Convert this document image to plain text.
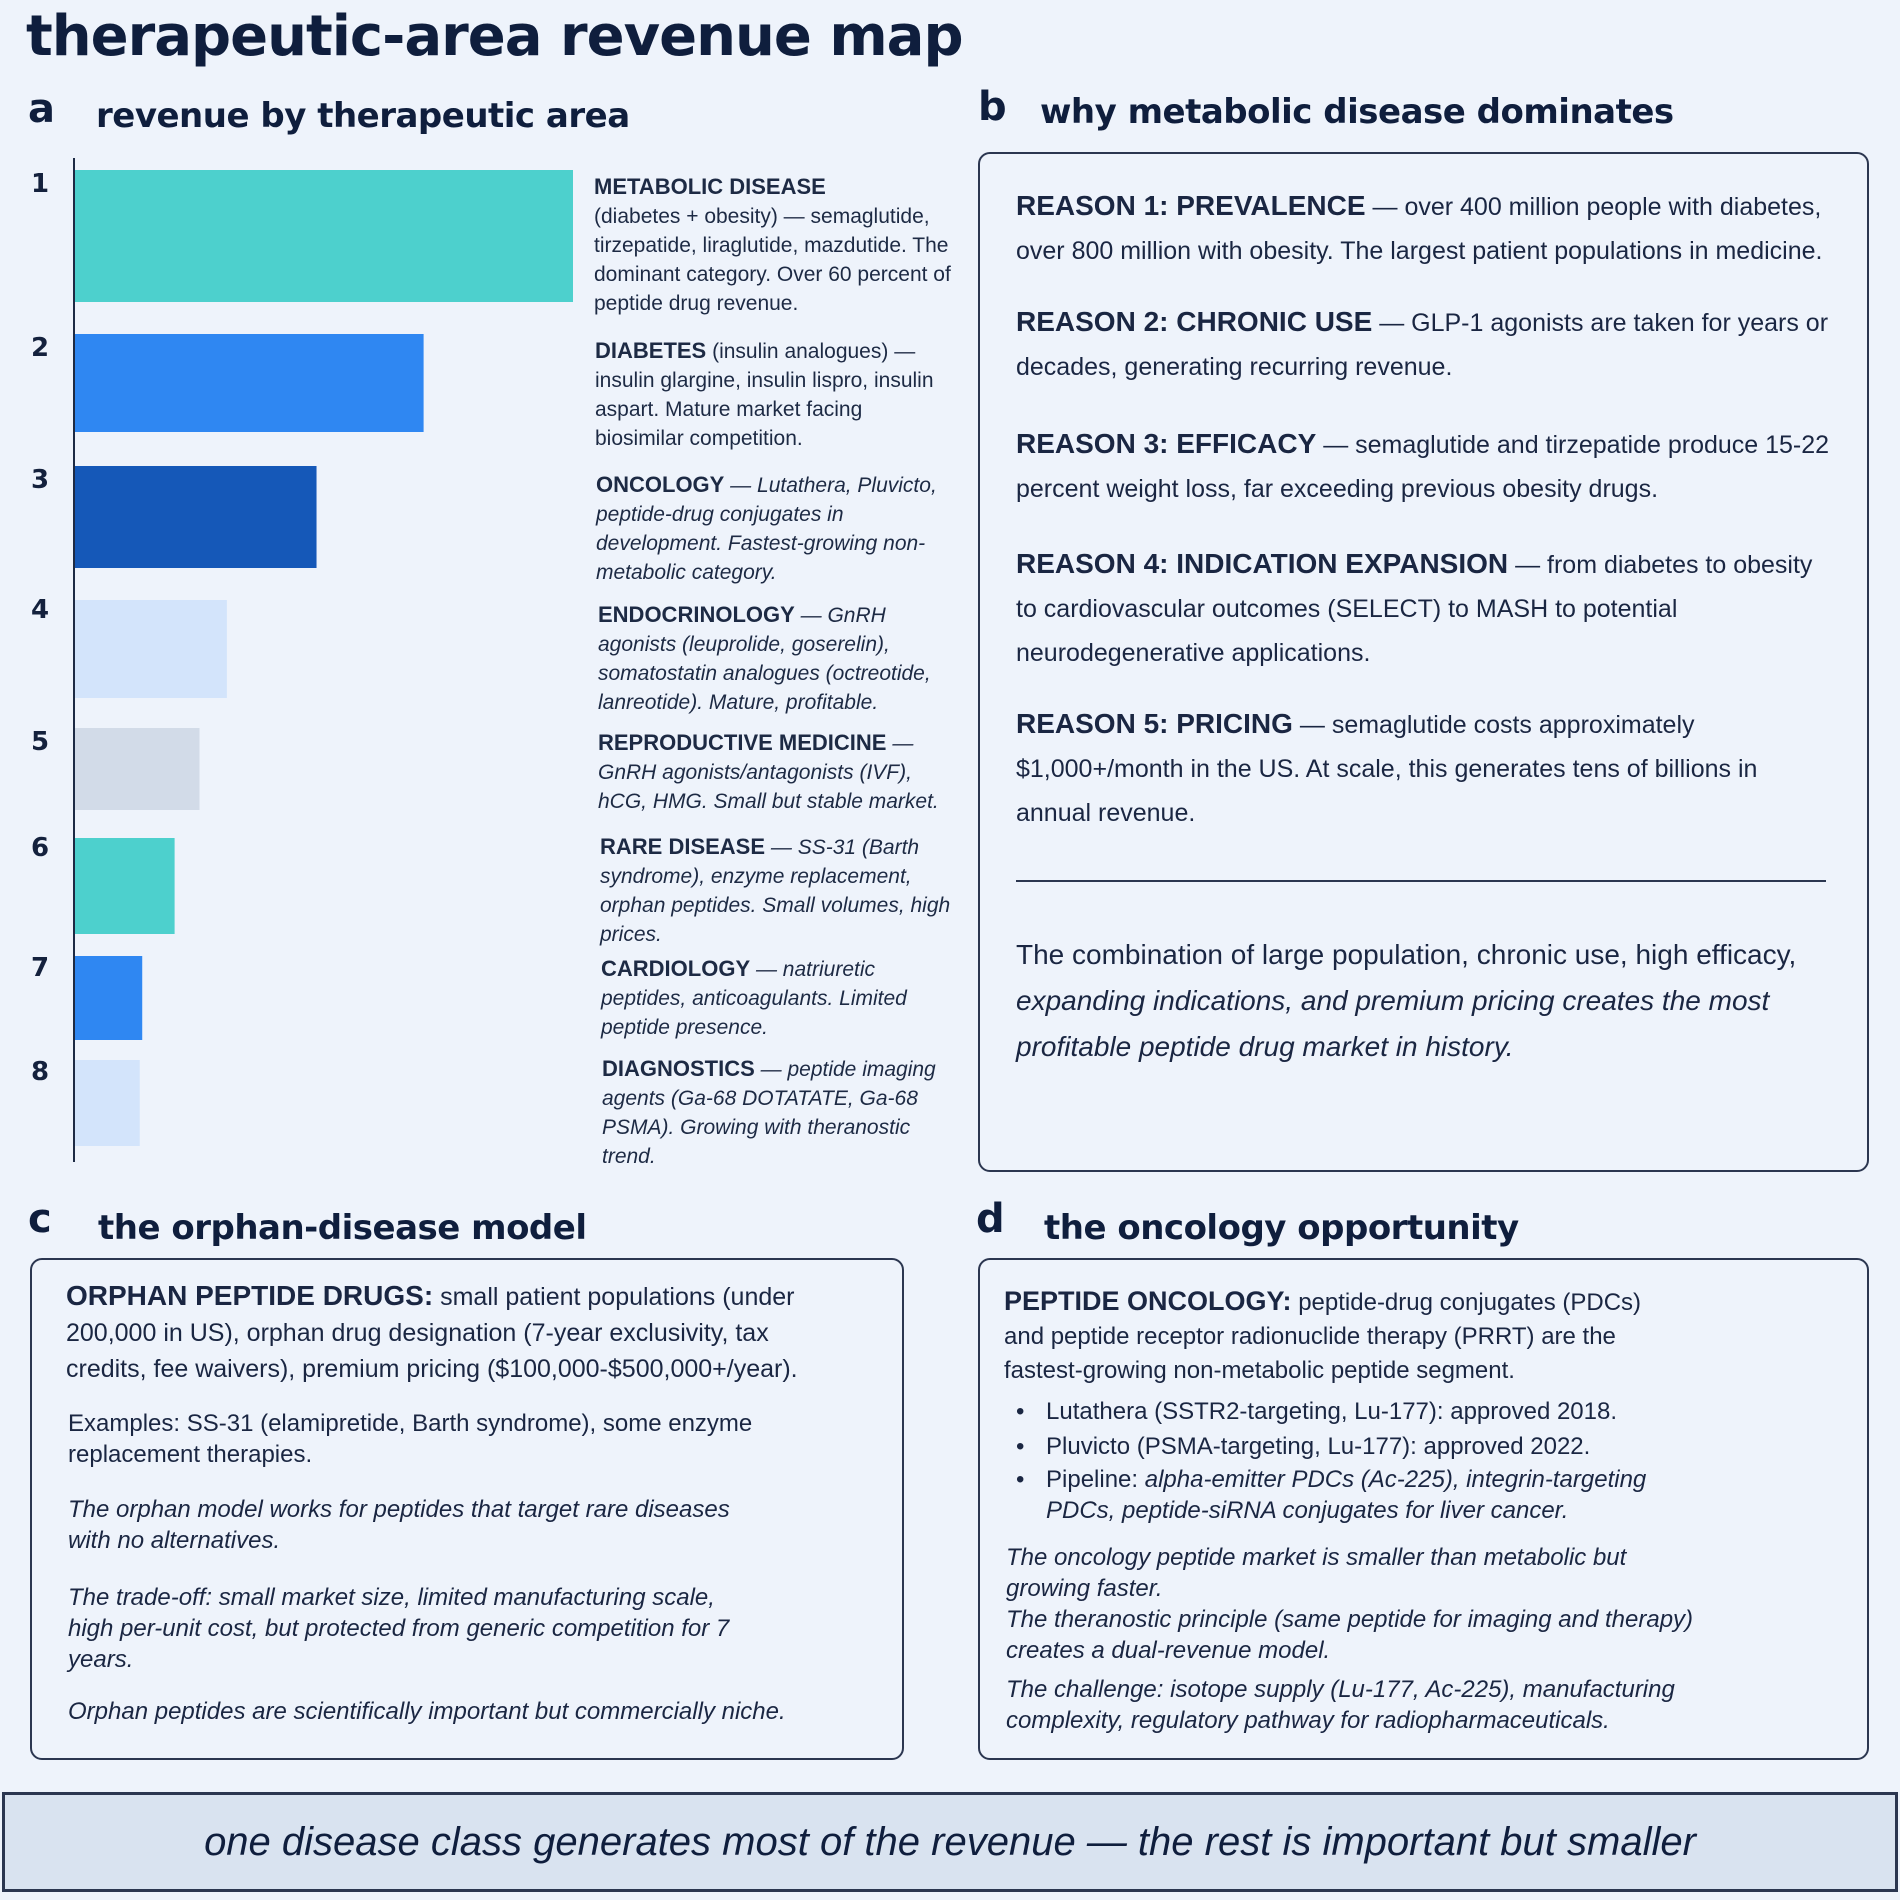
therapeutic-area revenue map
a revenue by therapeutic area
1
2
3
4
5
6
7
8
METABOLIC DISEASE
(diabetes + obesity) — semaglutide, tirzepatide, liraglutide, mazdutide. The dominant category. Over 60 percent of peptide drug revenue.
DIABETES (insulin analogues) — insulin glargine, insulin lispro, insulin aspart. Mature market facing biosimilar competition.
ONCOLOGY — Lutathera, Pluvicto, peptide-drug conjugates in development. Fastest-growing non-metabolic category.
ENDOCRINOLOGY — GnRH agonists (leuprolide, goserelin), somatostatin analogues (octreotide, lanreotide). Mature, profitable.
REPRODUCTIVE MEDICINE — GnRH agonists/antagonists (IVF), hCG, HMG. Small but stable market.
RARE DISEASE — SS-31 (Barth syndrome), enzyme replacement, orphan peptides. Small volumes, high prices.
CARDIOLOGY — natriuretic peptides, anticoagulants. Limited peptide presence.
DIAGNOSTICS — peptide imaging agents (Ga-68 DOTATATE, Ga-68 PSMA). Growing with theranostic trend.
b why metabolic disease dominates
REASON 1: PREVALENCE — over 400 million people with diabetes, over 800 million with obesity. The largest patient populations in medicine.
REASON 2: CHRONIC USE — GLP-1 agonists are taken for years or decades, generating recurring revenue.
REASON 3: EFFICACY — semaglutide and tirzepatide produce 15-22 percent weight loss, far exceeding previous obesity drugs.
REASON 4: INDICATION EXPANSION — from diabetes to obesity to cardiovascular outcomes (SELECT) to MASH to potential neurodegenerative applications.
REASON 5: PRICING — semaglutide costs approximately $1,000+/month in the US. At scale, this generates tens of billions in annual revenue.
The combination of large population, chronic use, high efficacy,
expanding indications, and premium pricing creates the most profitable peptide drug market in history.
c the orphan-disease model
ORPHAN PEPTIDE DRUGS: small patient populations (under 200,000 in US), orphan drug designation (7-year exclusivity, tax credits, fee waivers), premium pricing ($100,000-$500,000+/year).
Examples: SS-31 (elamipretide, Barth syndrome), some enzyme replacement therapies.
The orphan model works for peptides that target rare diseases with no alternatives.
The trade-off: small market size, limited manufacturing scale, high per-unit cost, but protected from generic competition for 7 years.
Orphan peptides are scientifically important but commercially niche.
d the oncology opportunity
PEPTIDE ONCOLOGY: peptide-drug conjugates (PDCs) and peptide receptor radionuclide therapy (PRRT) are the fastest-growing non-metabolic peptide segment.
• Lutathera (SSTR2-targeting, Lu-177): approved 2018.
• Pluvicto (PSMA-targeting, Lu-177): approved 2022.
• Pipeline: alpha-emitter PDCs (Ac-225), integrin-targeting PDCs, peptide-siRNA conjugates for liver cancer.
The oncology peptide market is smaller than metabolic but growing faster.
The theranostic principle (same peptide for imaging and therapy) creates a dual-revenue model.
The challenge: isotope supply (Lu-177, Ac-225), manufacturing complexity, regulatory pathway for radiopharmaceuticals.
one disease class generates most of the revenue — the rest is important but smaller
